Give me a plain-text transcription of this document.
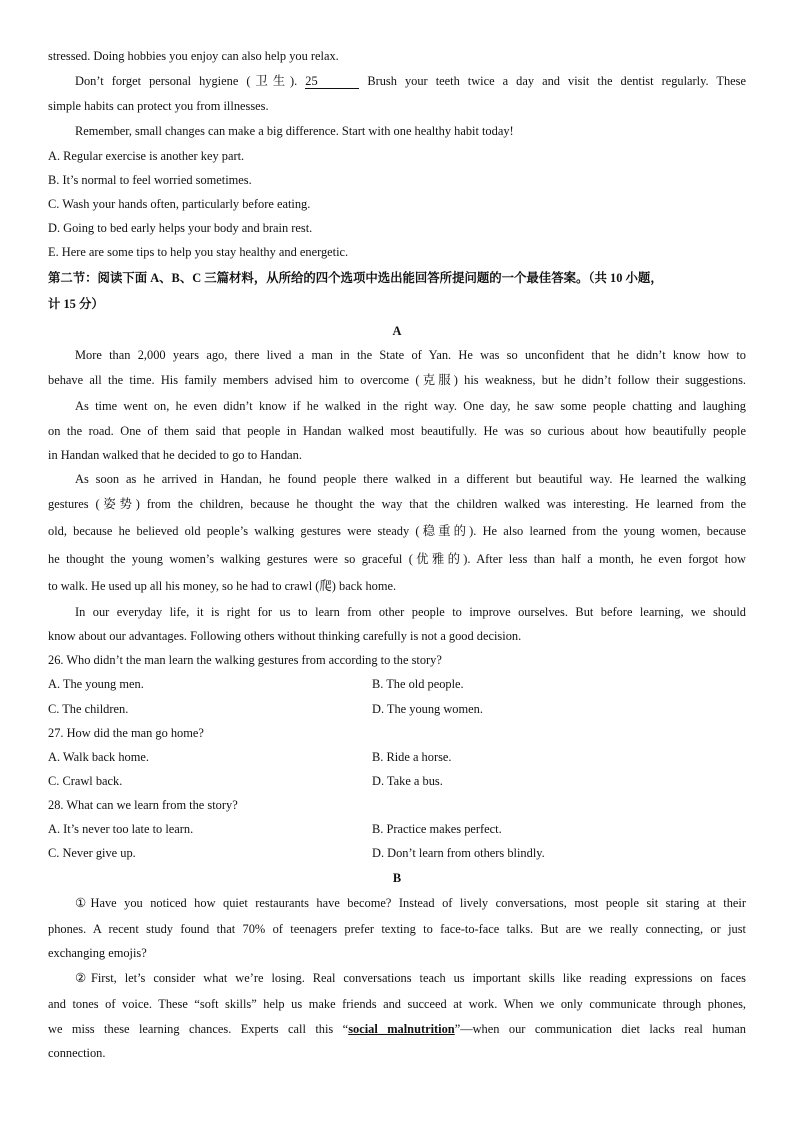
stressed. Doing hobbies you enjoy can also help you relax.
Don’t forget personal hygiene (卫生). 25	Brush your teeth twice a day and visit the dentist regularly. These
simple habits can protect you from illnesses.
Remember, small changes can make a big difference. Start with one healthy habit today!
A. Regular exercise is another key part.
B. It’s normal to feel worried sometimes.
C. Wash your hands often, particularly before eating.
D. Going to bed early helps your body and brain rest.
E. Here are some tips to help you stay healthy and energetic.
第二节：阅读下面 A、B、C 三篇材料，从所给的四个选项中选出能回答所提问题的一个最佳答案。（共 10 小题，
计 15 分）
A
More than 2,000 years ago, there lived a man in the State of Yan. He was so unconfident that he didn’t know how to
behave all the time. His family members advised him to overcome (克服) his weakness, but he didn’t follow their suggestions.
As time went on, he even didn’t know if he walked in the right way. One day, he saw some people chatting and laughing
on the road. One of them said that people in Handan walked most beautifully. He was so curious about how beautifully people
in Handan walked that he decided to go to Handan.
As soon as he arrived in Handan, he found people there walked in a different but beautiful way. He learned the walking
gestures (姿势) from the children, because he thought the way that the children walked was interesting. He learned from the
old, because he believed old people’s walking gestures were steady (稳重的). He also learned from the young women, because
he thought the young women’s walking gestures were so graceful (优雅的). After less than half a month, he even forgot how
to walk. He used up all his money, so he had to crawl (爬) back home.
In our everyday life, it is right for us to learn from other people to improve ourselves. But before learning, we should
know about our advantages. Following others without thinking carefully is not a good decision.
26. Who didn’t the man learn the walking gestures from according to the story?
A. The young men.	B. The old people.
C. The children.	D. The young women.
27. How did the man go home?
A. Walk back home.	B. Ride a horse.
C. Crawl back.	D. Take a bus.
28. What can we learn from the story?
A. It’s never too late to learn.	B. Practice makes perfect.
C. Never give up.	D. Don’t learn from others blindly.
B
①Have you noticed how quiet restaurants have become? Instead of lively conversations, most people sit staring at their
phones. A recent study found that 70% of teenagers prefer texting to face-to-face talks. But are we really connecting, or just
exchanging emojis?
②First, let’s consider what we’re losing. Real conversations teach us important skills like reading expressions on faces
and tones of voice. These “soft skills” help us make friends and succeed at work. When we only communicate through phones,
we miss these learning chances. Experts call this “social malnutrition”—when our communication diet lacks real human
connection.
